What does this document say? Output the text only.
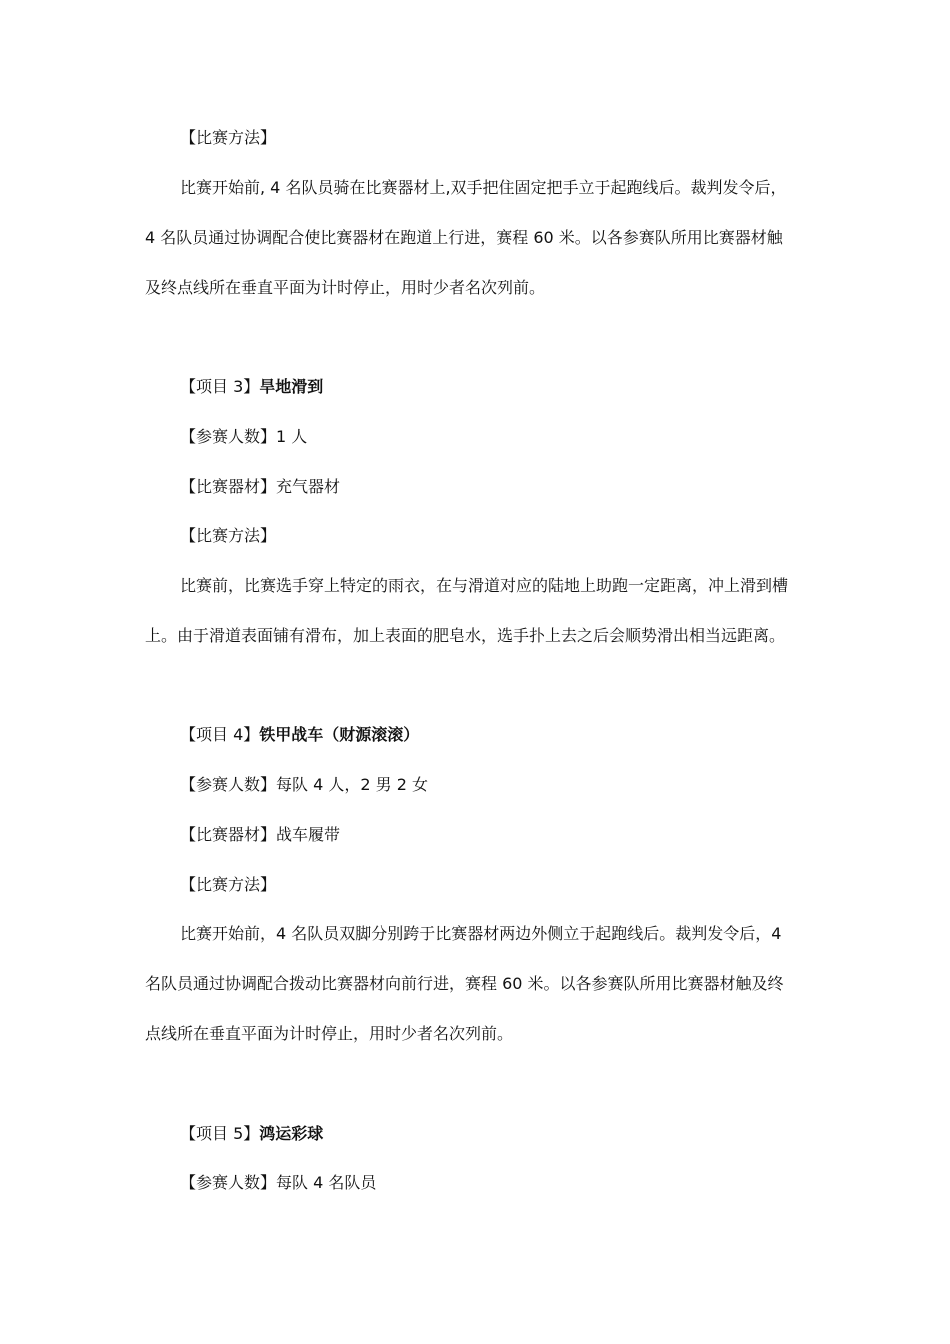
【比赛方法】
比赛开始前, 4 名队员骑在比赛器材上,双手把住固定把手立于起跑线后。裁判发令后，
4 名队员通过协调配合使比赛器材在跑道上行进，赛程 60 米。以各参赛队所用比赛器材触
及终点线所在垂直平面为计时停止，用时少者名次列前。
【项目 3】旱地滑到
【参赛人数】1 人
【比赛器材】充气器材
【比赛方法】
比赛前，比赛选手穿上特定的雨衣，在与滑道对应的陆地上助跑一定距离，冲上滑到槽
上。由于滑道表面铺有滑布，加上表面的肥皂水，选手扑上去之后会顺势滑出相当远距离。
【项目 4】铁甲战车（财源滚滚）
【参赛人数】每队 4 人，2 男 2 女
【比赛器材】战车履带
【比赛方法】
比赛开始前，4 名队员双脚分别跨于比赛器材两边外侧立于起跑线后。裁判发令后，4
名队员通过协调配合拨动比赛器材向前行进，赛程 60 米。以各参赛队所用比赛器材触及终
点线所在垂直平面为计时停止，用时少者名次列前。
【项目 5】鸿运彩球
【参赛人数】每队 4 名队员
